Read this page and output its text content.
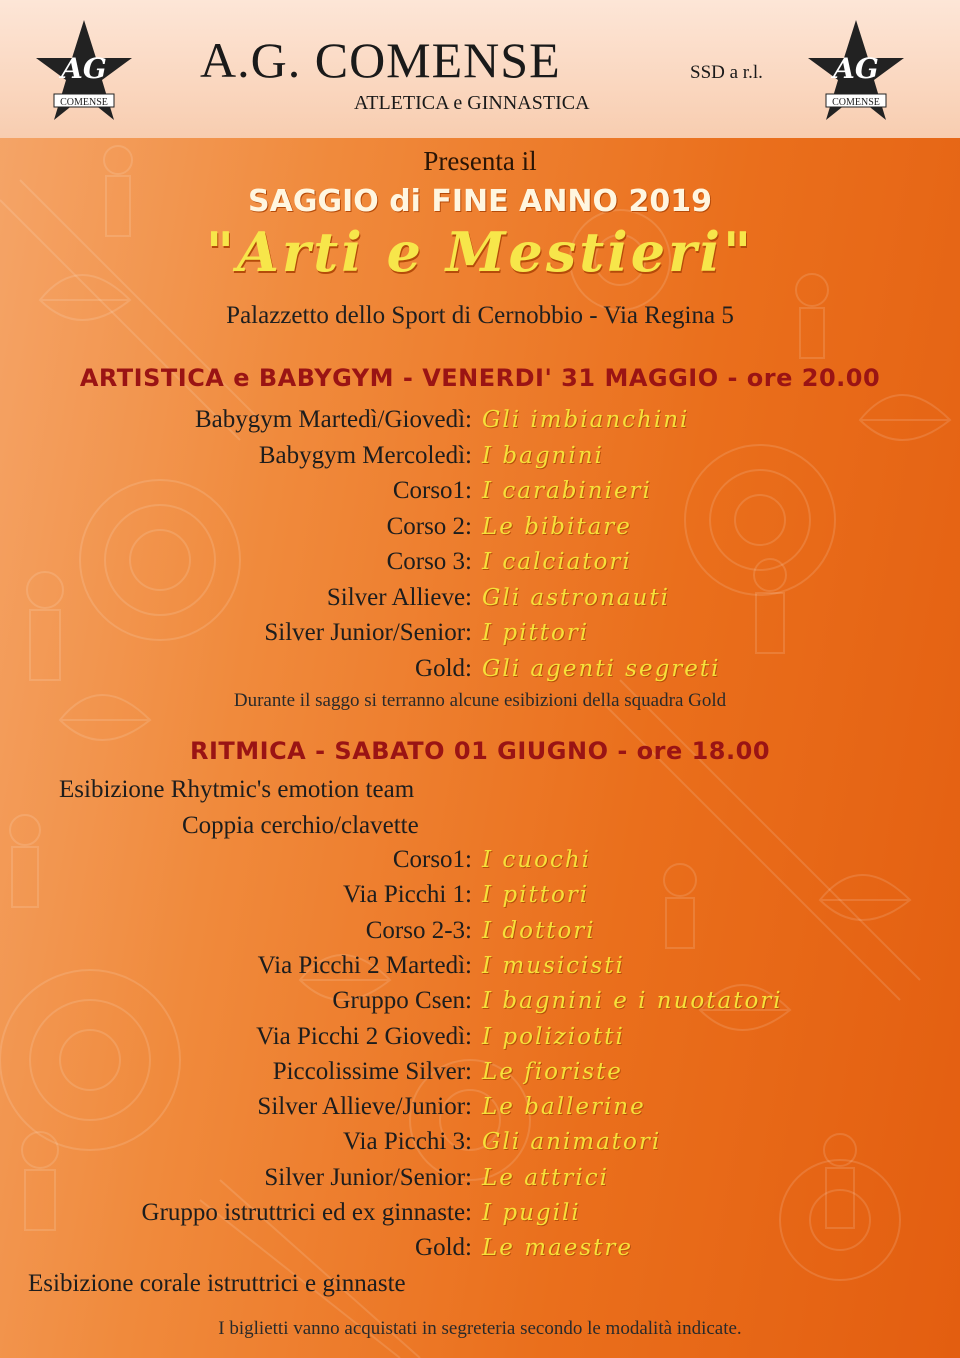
AG
COMENSE
A.G. COMENSE	SSD a r.l.
ATLETICA e GINNASTICA
AG
COMENSE
Presenta il
SAGGIO di FINE ANNO 2019
"Arti e Mestieri"
Palazzetto dello Sport di Cernobbio - Via Regina 5
ARTISTICA e BABYGYM - VENERDI' 31 MAGGIO - ore 20.00
Babygym Martedì/Giovedì: Gli imbianchini
Babygym Mercoledì: I bagnini
Corso1: I carabinieri
Corso 2: Le bibitare
Corso 3: I calciatori
Silver Allieve: Gli astronauti
Silver Junior/Senior: I pittori
Gold: Gli agenti segreti
Durante il saggo si terranno alcune esibizioni della squadra Gold
RITMICA - SABATO 01 GIUGNO - ore 18.00
Esibizione Rhytmic's emotion team
Coppia cerchio/clavette
Corso1: I cuochi
Via Picchi 1: I pittori
Corso 2-3: I dottori
Via Picchi 2 Martedì: I musicisti
Gruppo Csen: I bagnini e i nuotatori
Via Picchi 2 Giovedì: I poliziotti
Piccolissime Silver: Le fioriste
Silver Allieve/Junior: Le ballerine
Via Picchi 3: Gli animatori
Silver Junior/Senior: Le attrici
Gruppo istruttrici ed ex ginnaste: I pugili
Gold: Le maestre
Esibizione corale istruttrici e ginnaste
I biglietti vanno acquistati in segreteria secondo le modalità indicate.
